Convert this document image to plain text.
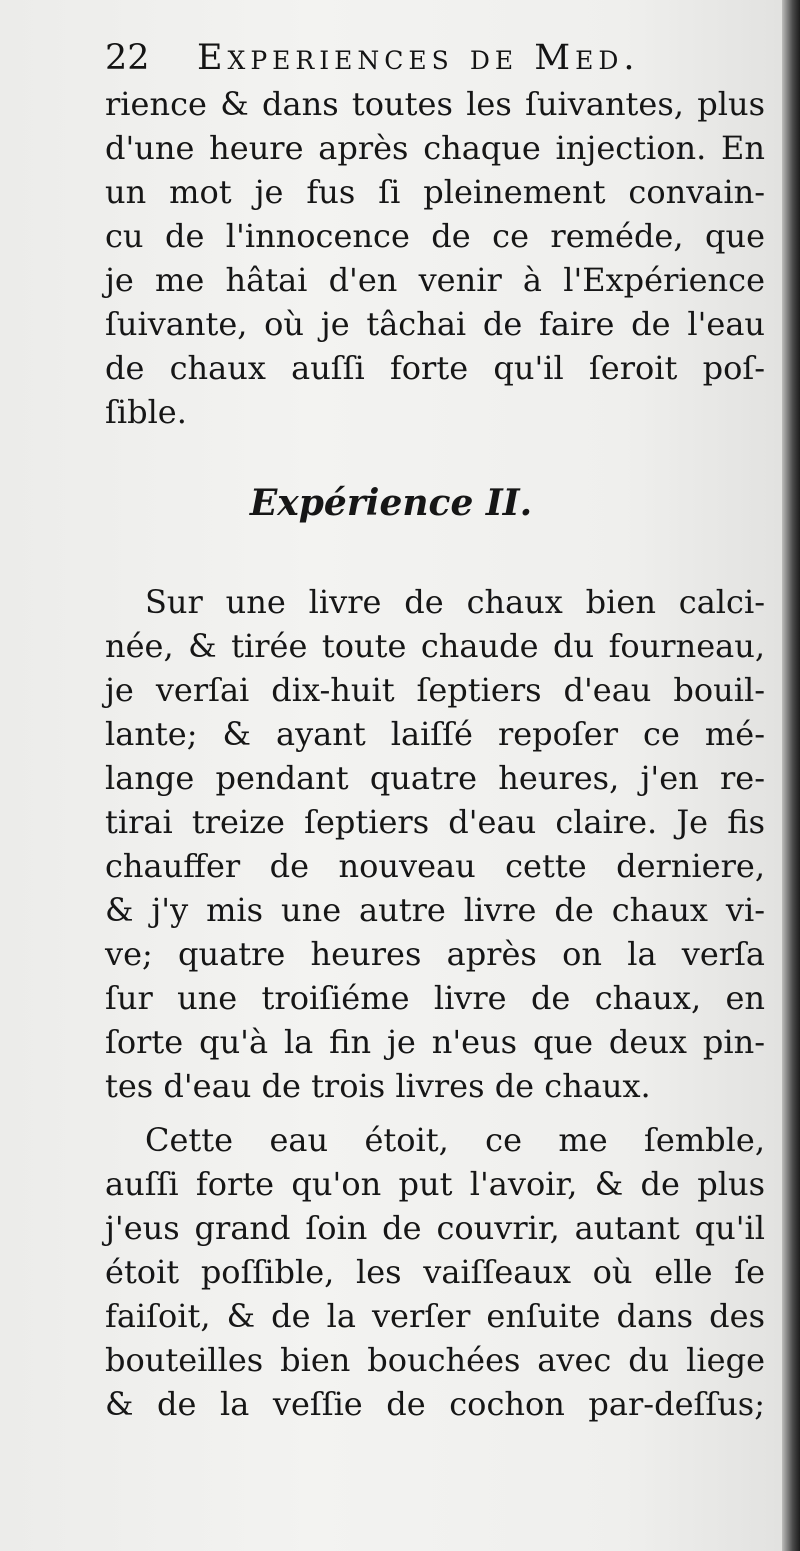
22 Experiences de Med.
rience & dans toutes les ſuivantes, plus
d'une heure après chaque injection. En
un mot je fus ſi pleinement convain-
cu de l'innocence de ce reméde, que
je me hâtai d'en venir à l'Expérience
ſuivante, où je tâchai de faire de l'eau
de chaux auſſi forte qu'il ſeroit poſ-
ſible.
Expérience II.
Sur une livre de chaux bien calci-
née, & tirée toute chaude du fourneau,
je verſai dix-huit ſeptiers d'eau bouil-
lante; & ayant laiſſé repoſer ce mé-
lange pendant quatre heures, j'en re-
tirai treize ſeptiers d'eau claire. Je fis
chauffer de nouveau cette derniere,
& j'y mis une autre livre de chaux vi-
ve; quatre heures après on la verſa
ſur une troiſiéme livre de chaux, en
ſorte qu'à la fin je n'eus que deux pin-
tes d'eau de trois livres de chaux.
Cette eau étoit, ce me ſemble,
auſſi forte qu'on put l'avoir, & de plus
j'eus grand ſoin de couvrir, autant qu'il
étoit poſſible, les vaiſſeaux où elle ſe
faiſoit, & de la verſer enſuite dans des
bouteilles bien bouchées avec du liege
& de la veſſie de cochon par-deſſus;
